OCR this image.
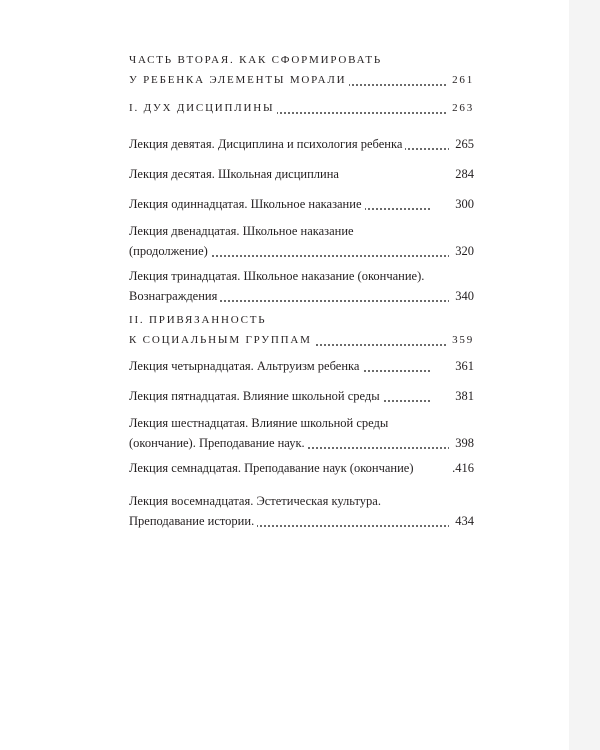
ЧАСТЬ ВТОРАЯ. КАК СФОРМИРОВАТЬ
У РЕБЕНКА ЭЛЕМЕНТЫ МОРАЛИ	261
I. ДУХ ДИСЦИПЛИНЫ	263
Лекция девятая. Дисциплина и психология ребенка	265
Лекция десятая. Школьная дисциплина	284
Лекция одиннадцатая. Школьное наказание	300
Лекция двенадцатая. Школьное наказание
(продолжение)	320
Лекция тринадцатая. Школьное наказание (окончание).
Вознаграждения	340
II. ПРИВЯЗАННОСТЬ
К СОЦИАЛЬНЫМ ГРУППАМ	359
Лекция четырнадцатая. Альтруизм ребенка	361
Лекция пятнадцатая. Влияние школьной среды	381
Лекция шестнадцатая. Влияние школьной среды
(окончание). Преподавание наук.	398
Лекция семнадцатая. Преподавание наук (окончание)	.416
Лекция восемнадцатая. Эстетическая культура.
Преподавание истории.	434
